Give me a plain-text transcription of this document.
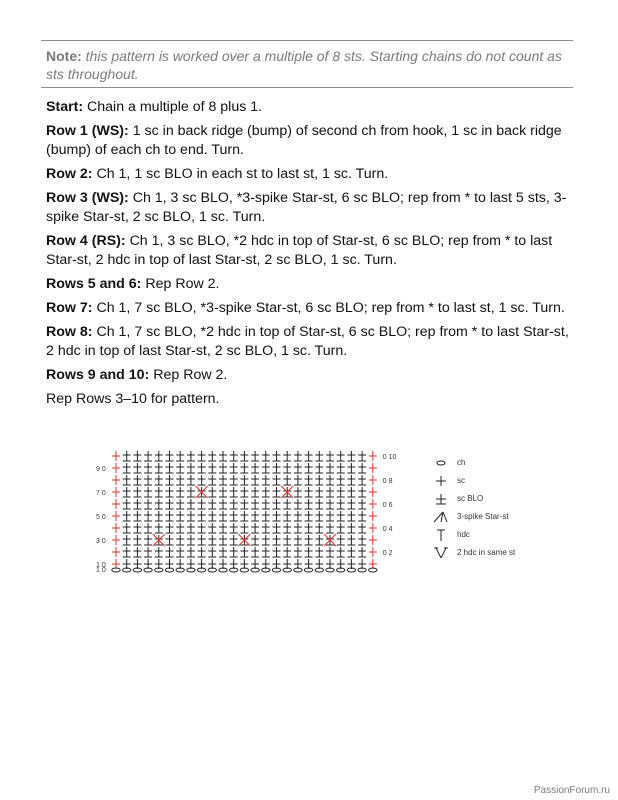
Note: this pattern is worked over a multiple of 8 sts. Starting chains do not count as sts throughout.

Start: Chain a multiple of 8 plus 1.

Row 1 (WS): 1 sc in back ridge (bump) of second ch from hook, 1 sc in back ridge (bump) of each ch to end. Turn.

Row 2: Ch 1, 1 sc BLO in each st to last st, 1 sc. Turn.

Row 3 (WS): Ch 1, 3 sc BLO, *3-spike Star-st, 6 sc BLO; rep from * to last 5 sts, 3-spike Star-st, 2 sc BLO, 1 sc. Turn.

Row 4 (RS): Ch 1, 3 sc BLO, *2 hdc in top of Star-st, 6 sc BLO; rep from * to last Star-st, 2 hdc in top of last Star-st, 2 sc BLO, 1 sc. Turn.

Rows 5 and 6: Rep Row 2.

Row 7: Ch 1, 7 sc BLO, *3-spike Star-st, 6 sc BLO; rep from * to last st, 1 sc. Turn.

Row 8: Ch 1, 7 sc BLO, *2 hdc in top of Star-st, 6 sc BLO; rep from * to last Star-st, 2 hdc in top of last Star-st, 2 sc BLO, 1 sc. Turn.

Rows 9 and 10: Rep Row 2.

Rep Rows 3–10 for pattern.

9 0
7 0
5 0
3 0
1 0
0 10
0 8
0 6
0 4
0 2
1 0
ch
sc
sc BLO
3-spike Star-st
hdc
2 hdc in same st
PassionForum.ru
